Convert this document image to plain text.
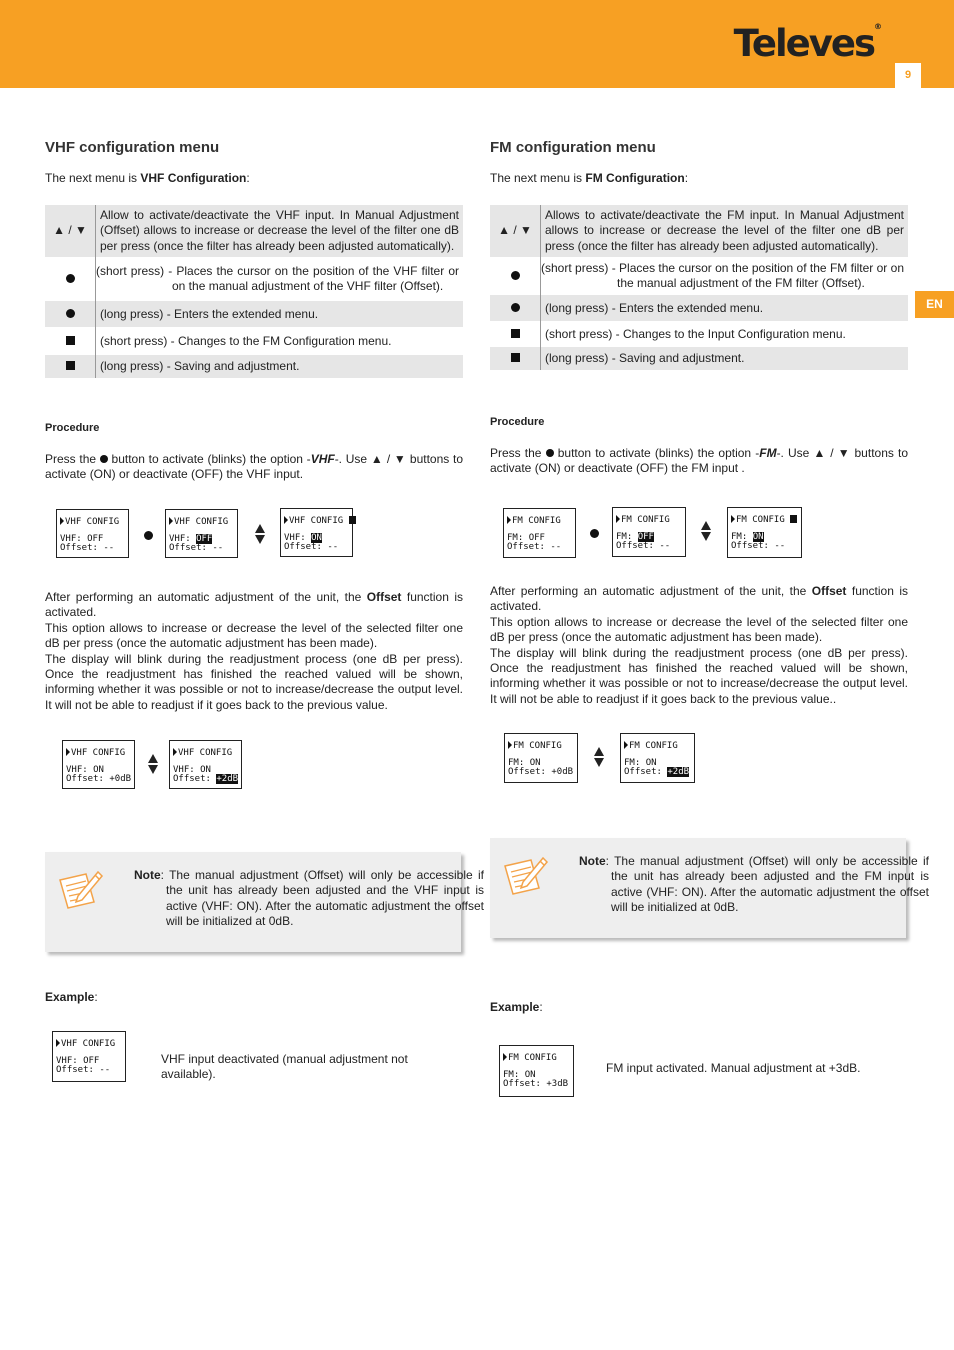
Televes®
9
EN
VHF configuration menu
The next menu is VHF Configuration:
▲ / ▼	Allow to activate/deactivate the VHF input. In Manual Adjustment (Offset) allows to increase or decrease the level of the filter one dB per press (once the filter has already been adjusted automatically).
	(short press) - Places the cursor on the position of the VHF filter or on the manual adjustment of the VHF filter (Offset).
	(long press) - Enters the extended menu.
	(short press) - Changes to the FM Configuration menu.
	(long press) - Saving and adjustment.
Procedure
Press the  button to activate (blinks) the option -VHF-. Use ▲ / ▼ buttons to activate (ON) or deactivate (OFF) the VHF input.
VHF CONFIG
VHF: OFF
Offset: --
VHF CONFIG
VHF: OFF
Offset: --
VHF CONFIG
VHF: ON
Offset: --
After performing an automatic adjustment of the unit, the Offset function is activated.
This option allows to increase or decrease the level of the selected filter one dB per press (once the automatic adjustment has been made).
The display will blink during the readjustment process (one dB per press). Once the readjustment has finished the reached valued will be shown, informing whether it was possible or not to increase/decrease the output level. It will not be able to readjust if it goes back to the previous value.
VHF CONFIG
VHF: ON
Offset: +0dB
VHF CONFIG
VHF: ON
Offset: +2dB
Note: The manual adjustment (Offset) will only be accessible if the unit has already been adjusted and the VHF input is active (VHF: ON). After the automatic adjustment the offset will be initialized at 0dB.
Example:
VHF CONFIG
VHF: OFF
Offset: --
VHF input deactivated (manual adjustment not available).
FM configuration menu
The next menu is FM Configuration:
▲ / ▼	Allows to activate/deactivate the FM input. In Manual Adjustment allows to increase or decrease the level of the filter one dB per press (once the filter has already been adjusted automatically).
	(short press) - Places the cursor on the position of the FM filter or on the manual adjustment of the FM filter (Offset).
	(long press) - Enters the extended menu.
	(short press) - Changes to the Input Configuration menu.
	(long press) - Saving and adjustment.
Procedure
Press the  button to activate (blinks) the option -FM-. Use ▲ / ▼ buttons to activate (ON) or deactivate (OFF) the FM input .
FM CONFIG
FM: OFF
Offset: --
FM CONFIG
FM: OFF
Offset: --
FM CONFIG
FM: ON
Offset: --
After performing an automatic adjustment of the unit, the Offset function is activated.
This option allows to increase or decrease the level of the selected filter one dB per press (once the automatic adjustment has been made).
The display will blink during the readjustment process (one dB per press). Once the readjustment has finished the reached valued will be shown, informing whether it was possible or not to increase/decrease the output level. It will not be able to readjust if it goes back to the previous value..
FM CONFIG
FM: ON
Offset: +0dB
FM CONFIG
FM: ON
Offset: +2dB
Note: The manual adjustment (Offset) will only be accessible if the unit has already been adjusted and the FM input is active (VHF: ON). After the automatic adjustment the offset will be initialized at 0dB.
Example:
FM CONFIG
FM: ON
Offset: +3dB
FM input activated. Manual adjustment at +3dB.
